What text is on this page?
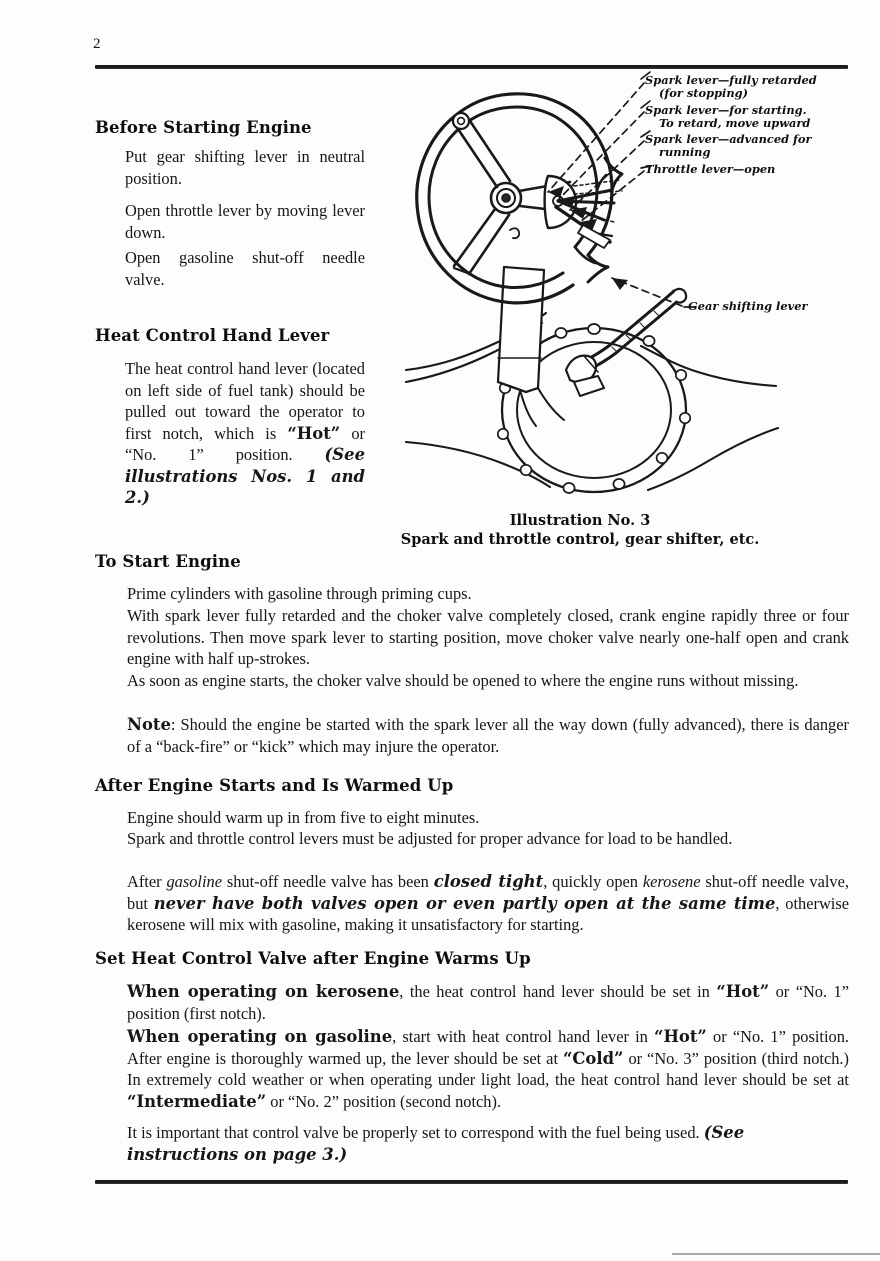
2
Spark lever—fully retarded
(for stopping)
Spark lever—for starting.
To retard, move upward
Spark lever—advanced for
running
Throttle lever—open
Gear shifting lever
Illustration No. 3
Spark and throttle control, gear shifter, etc.
Before Starting Engine

Put gear shifting lever in neutral position.

Open throttle lever by moving lever down.

Open gasoline shut-off needle valve.

Heat Control Hand Lever

The heat control hand lever (located on left side of fuel tank) should be pulled out toward the operator to first notch, which is “Hot” or “No. 1” position. (See illustrations Nos. 1 and 2.)

To Start Engine

Prime cylinders with gasoline through priming cups.

With spark lever fully retarded and the choker valve completely closed, crank engine rapidly three or four revolutions. Then move spark lever to starting position, move choker valve nearly one-half open and crank engine with half up-strokes.

As soon as engine starts, the choker valve should be opened to where the engine runs without missing.

Note: Should the engine be started with the spark lever all the way down (fully advanced), there is danger of a “back-fire” or “kick” which may injure the operator.

After Engine Starts and Is Warmed Up

Engine should warm up in from five to eight minutes.

Spark and throttle control levers must be adjusted for proper advance for load to be handled.

After gasoline shut-off needle valve has been closed tight, quickly open kerosene shut-off needle valve, but never have both valves open or even partly open at the same time, otherwise kerosene will mix with gasoline, making it unsatisfactory for starting.

Set Heat Control Valve after Engine Warms Up

When operating on kerosene, the heat control hand lever should be set in “Hot” or “No. 1” position (first notch).

When operating on gasoline, start with heat control hand lever in “Hot” or “No. 1” position. After engine is thoroughly warmed up, the lever should be set at “Cold” or “No. 3” position (third notch.) In extremely cold weather or when operating under light load, the heat control hand lever should be set at “Intermediate” or “No. 2” position (second notch).

It is important that control valve be properly set to correspond with the fuel being used. (See instructions on page 3.)
